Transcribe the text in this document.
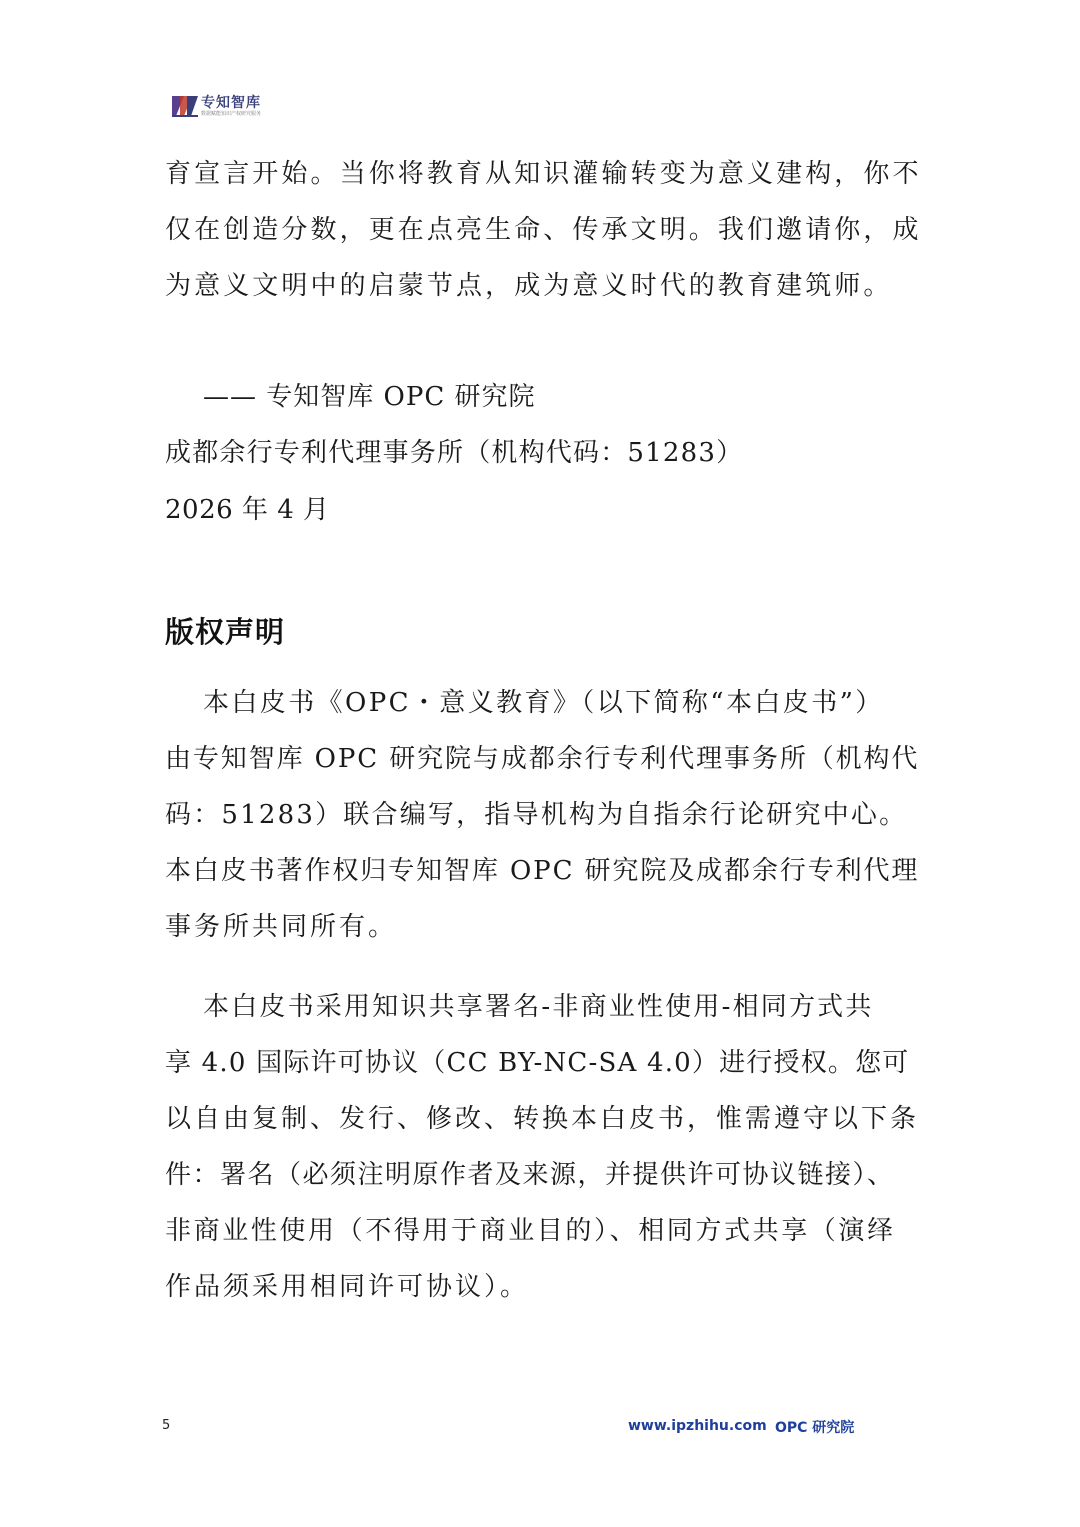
专知智库
数据赋能知识产权研究服务
育宣言开始。当你将教育从知识灌输转变为意义建构，你不
仅在创造分数，更在点亮生命、传承文明。我们邀请你，成
为意义文明中的启蒙节点，成为意义时代的教育建筑师。
—— 专知智库 OPC 研究院
成都余行专利代理事务所（机构代码：51283）
2026 年 4 月
版权声明
本白皮书《OPC・意义教育》（以下简称“本白皮书”）
由专知智库 OPC 研究院与成都余行专利代理事务所（机构代
码：51283）联合编写，指导机构为自指余行论研究中心。
本白皮书著作权归专知智库 OPC 研究院及成都余行专利代理
事务所共同所有。
本白皮书采用知识共享署名-非商业性使用-相同方式共
享 4.0 国际许可协议（CC BY-NC-SA 4.0）进行授权。您可
以自由复制、发行、修改、转换本白皮书，惟需遵守以下条
件：署名（必须注明原作者及来源，并提供许可协议链接）、
非商业性使用（不得用于商业目的）、相同方式共享（演绎
作品须采用相同许可协议）。
5	www.ipzhihu.com OPC 研究院
